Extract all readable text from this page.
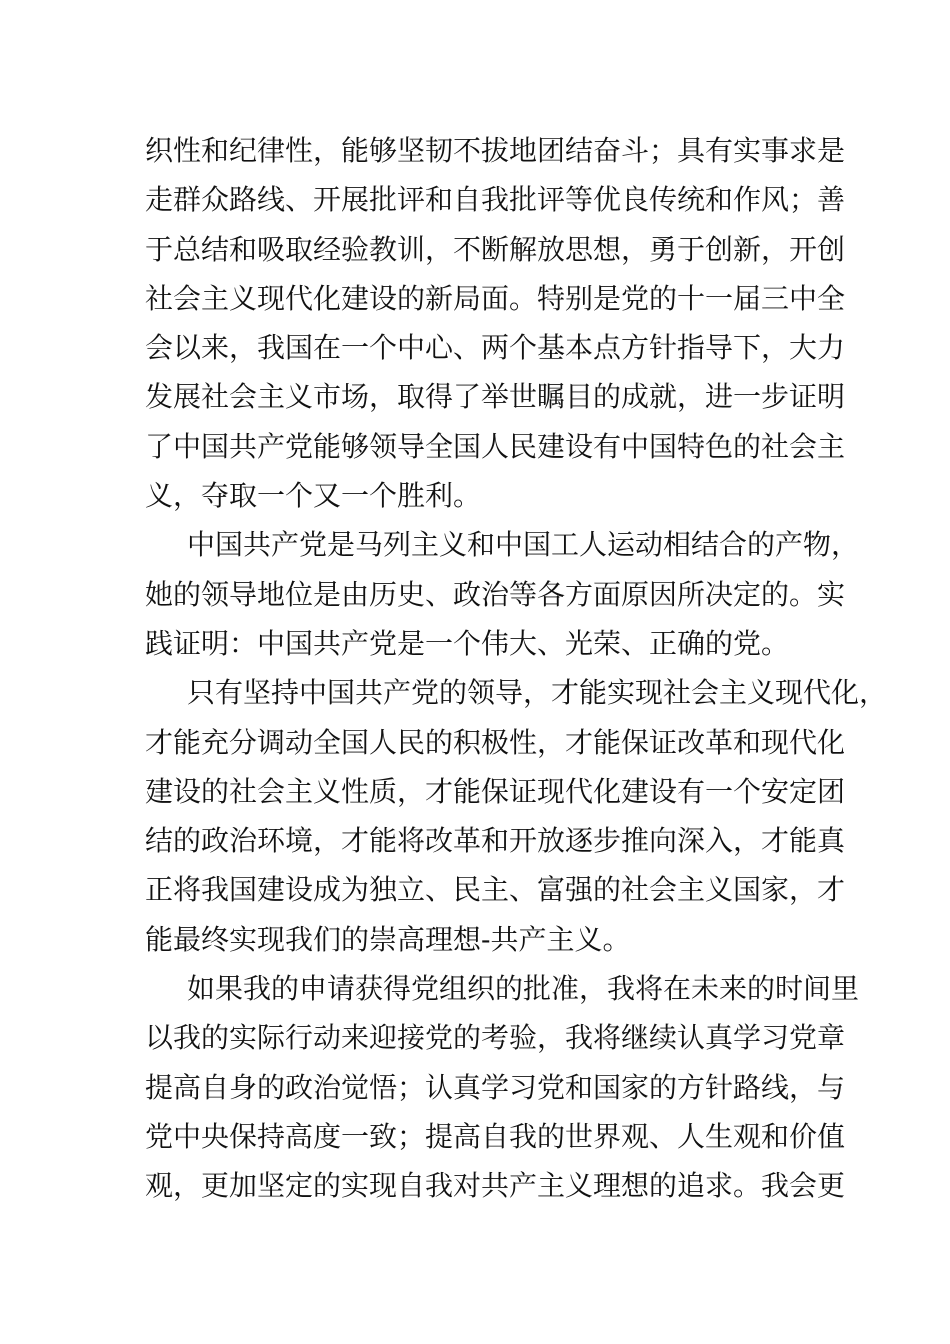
织性和纪律性，能够坚韧不拔地团结奋斗；具有实事求是
走群众路线、开展批评和自我批评等优良传统和作风；善
于总结和吸取经验教训，不断解放思想，勇于创新，开创
社会主义现代化建设的新局面。特别是党的十一届三中全
会以来，我国在一个中心、两个基本点方针指导下，大力
发展社会主义市场，取得了举世瞩目的成就，进一步证明
了中国共产党能够领导全国人民建设有中国特色的社会主
义，夺取一个又一个胜利。
中国共产党是马列主义和中国工人运动相结合的产物，
她的领导地位是由历史、政治等各方面原因所决定的。实
践证明：中国共产党是一个伟大、光荣、正确的党。
只有坚持中国共产党的领导，才能实现社会主义现代化，
才能充分调动全国人民的积极性，才能保证改革和现代化
建设的社会主义性质，才能保证现代化建设有一个安定团
结的政治环境，才能将改革和开放逐步推向深入，才能真
正将我国建设成为独立、民主、富强的社会主义国家，才
能最终实现我们的崇高理想-共产主义。
如果我的申请获得党组织的批准，我将在未来的时间里
以我的实际行动来迎接党的考验，我将继续认真学习党章
提高自身的政治觉悟；认真学习党和国家的方针路线，与
党中央保持高度一致；提高自我的世界观、人生观和价值
观，更加坚定的实现自我对共产主义理想的追求。我会更
